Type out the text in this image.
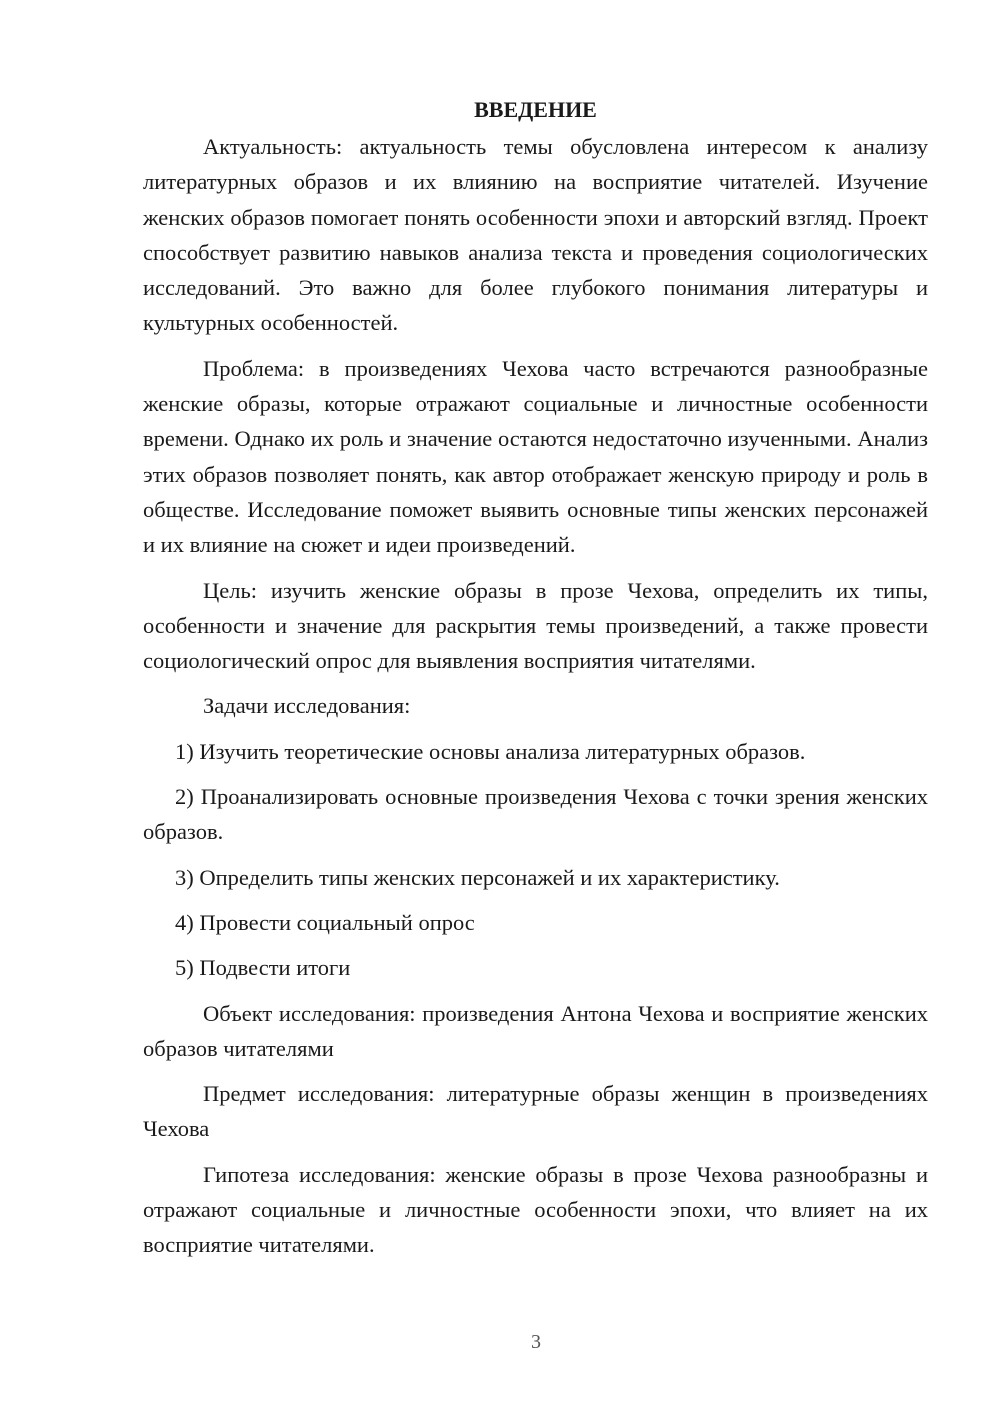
ВВЕДЕНИЕ

Актуальность: актуальность темы обусловлена интересом к анализу литературных образов и их влиянию на восприятие читателей. Изучение женских образов помогает понять особенности эпохи и авторский взгляд. Проект способствует развитию навыков анализа текста и проведения социологических исследований. Это важно для более глубокого понимания литературы и культурных особенностей.

Проблема: в произведениях Чехова часто встречаются разнообразные женские образы, которые отражают социальные и личностные особенности времени. Однако их роль и значение остаются недостаточно изученными. Анализ этих образов позволяет понять, как автор отображает женскую природу и роль в обществе. Исследование поможет выявить основные типы женских персонажей и их влияние на сюжет и идеи произведений.

Цель: изучить женские образы в прозе Чехова, определить их типы, особенности и значение для раскрытия темы произведений, а также провести социологический опрос для выявления восприятия читателями.

Задачи исследования:

1) Изучить теоретические основы анализа литературных образов.

2) Проанализировать основные произведения Чехова с точки зрения женских образов.

3) Определить типы женских персонажей и их характеристику.

4) Провести социальный опрос

5) Подвести итоги

Объект исследования: произведения Антона Чехова и восприятие женских образов читателями

Предмет исследования: литературные образы женщин в произведениях Чехова

Гипотеза исследования: женские образы в прозе Чехова разнообразны и отражают социальные и личностные особенности эпохи, что влияет на их восприятие читателями.

3
